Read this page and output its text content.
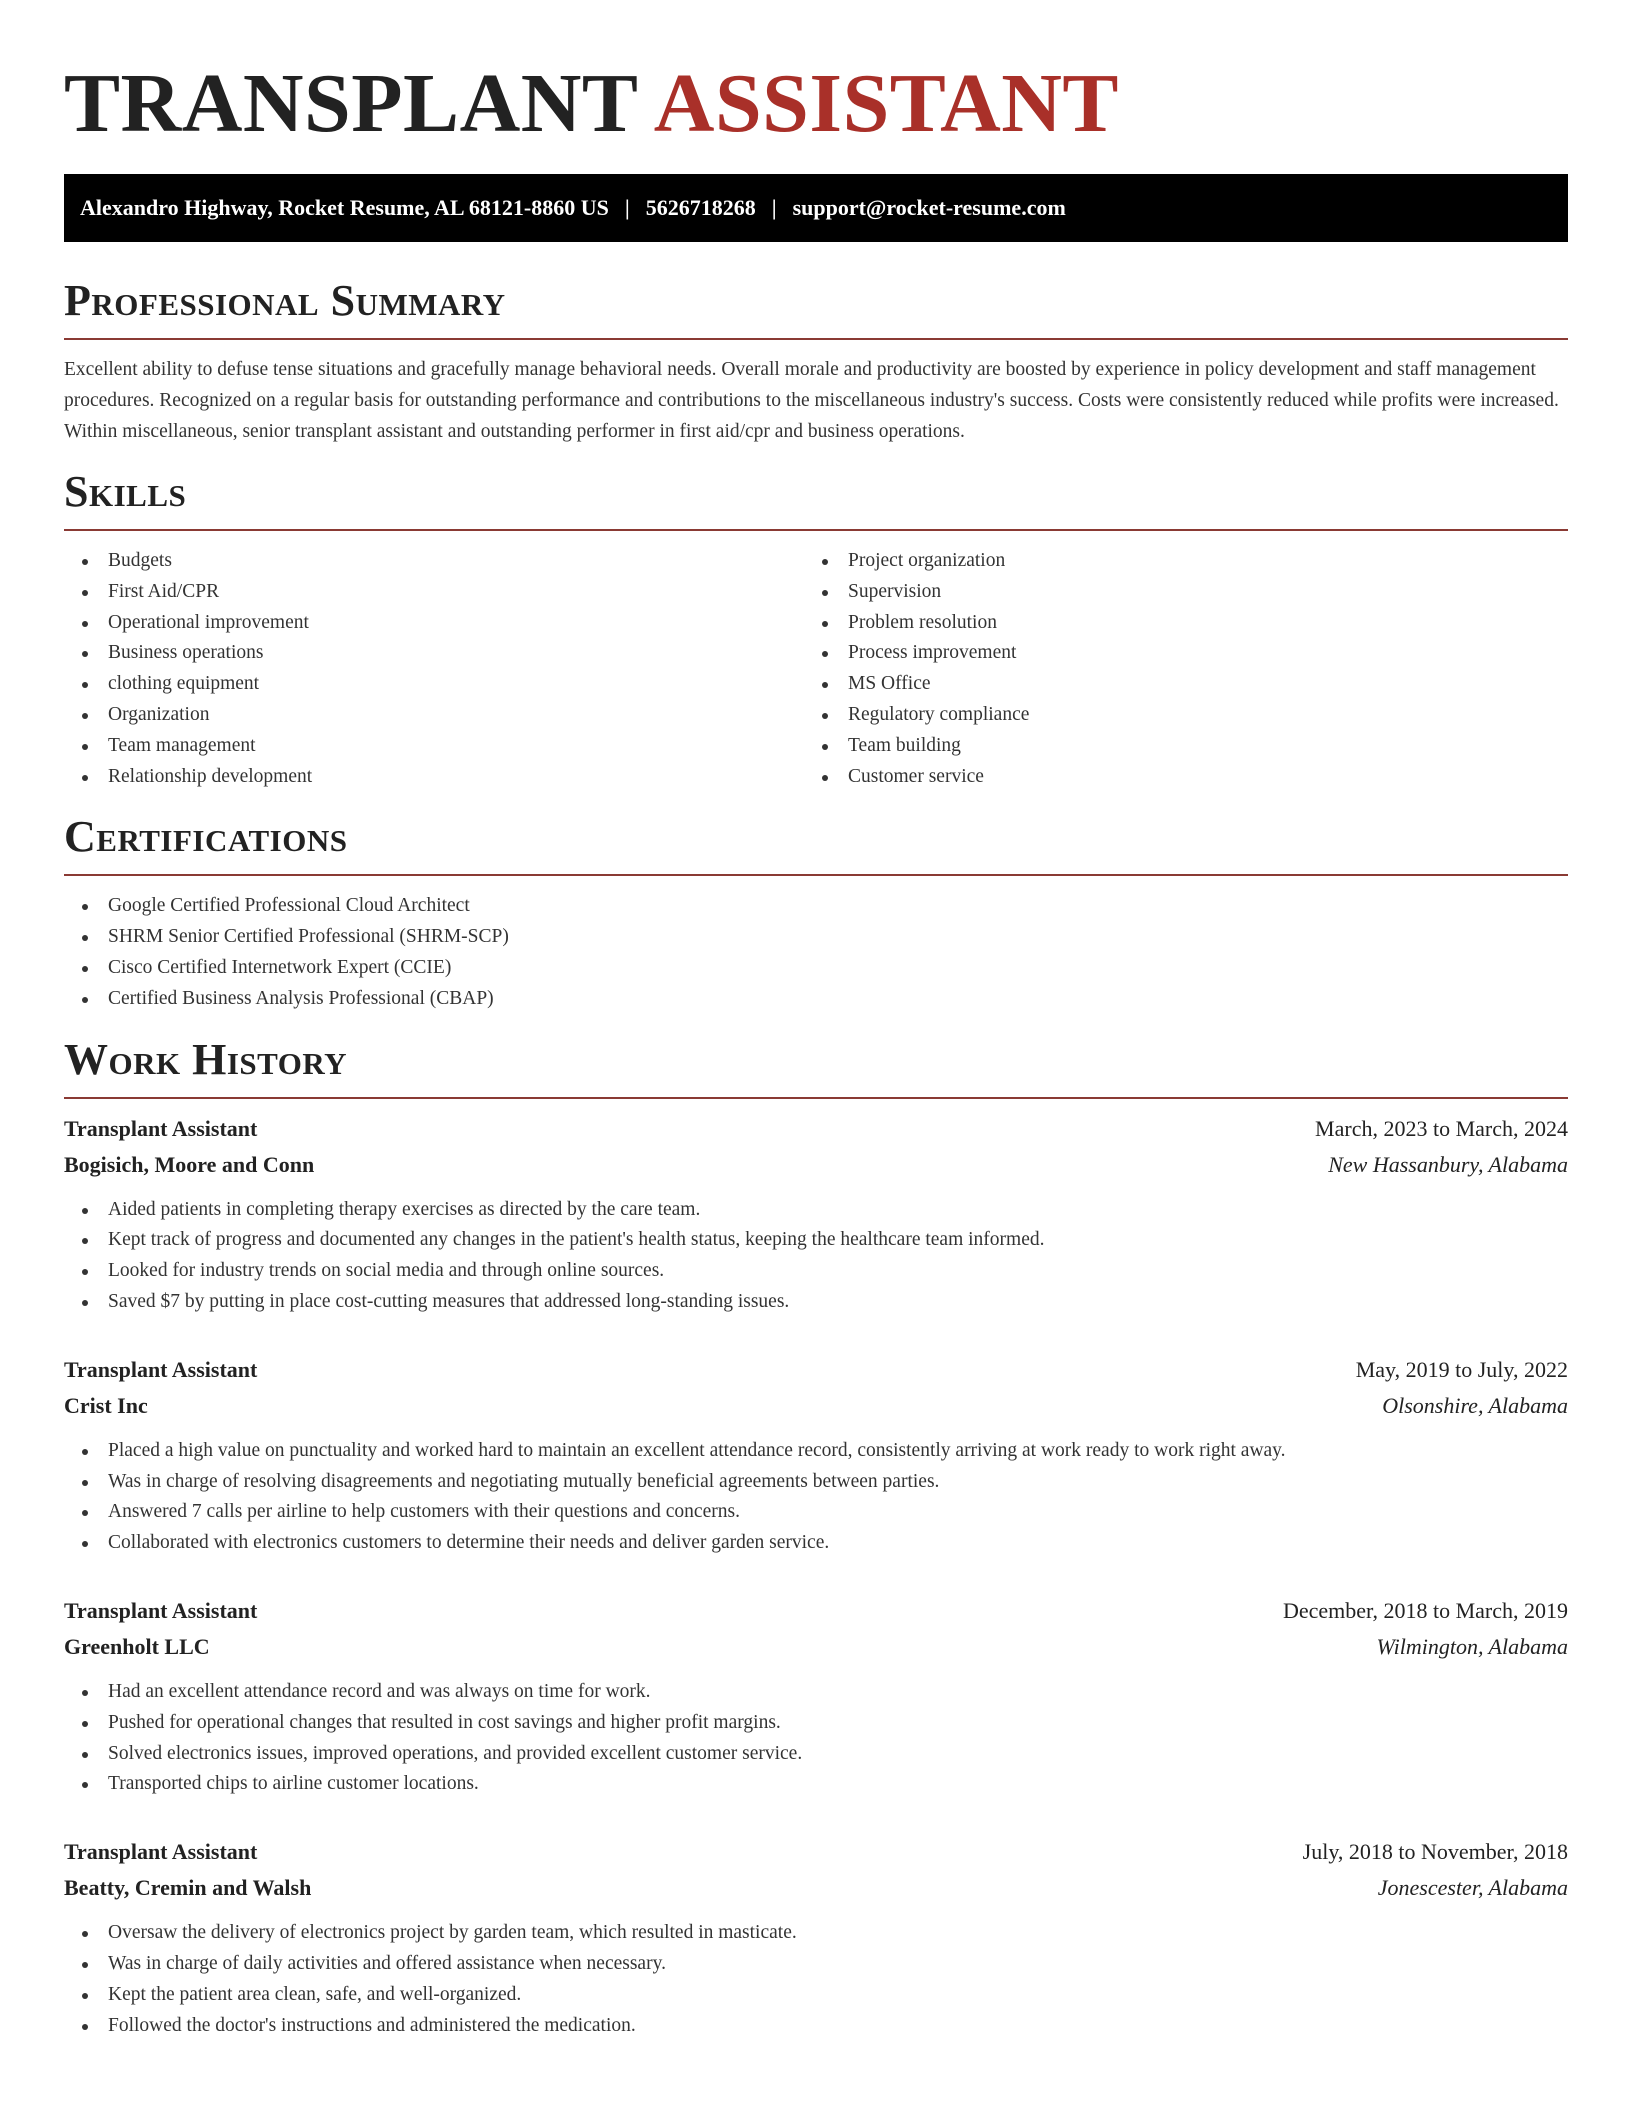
TRANSPLANT ASSISTANT
Alexandro Highway, Rocket Resume, AL 68121-8860 US | 5626718268 | support@rocket-resume.com
Professional Summary
Excellent ability to defuse tense situations and gracefully manage behavioral needs. Overall morale and productivity are boosted by experience in policy development and staff management procedures. Recognized on a regular basis for outstanding performance and contributions to the miscellaneous industry's success. Costs were consistently reduced while profits were increased. Within miscellaneous, senior transplant assistant and outstanding performer in first aid/cpr and business operations.
Skills
Budgets
First Aid/CPR
Operational improvement
Business operations
clothing equipment
Organization
Team management
Relationship development
Project organization
Supervision
Problem resolution
Process improvement
MS Office
Regulatory compliance
Team building
Customer service
Certifications
Google Certified Professional Cloud Architect
SHRM Senior Certified Professional (SHRM-SCP)
Cisco Certified Internetwork Expert (CCIE)
Certified Business Analysis Professional (CBAP)
Work History
Transplant Assistant	March, 2023 to March, 2024
Bogisich, Moore and Conn	New Hassanbury, Alabama
Aided patients in completing therapy exercises as directed by the care team.
Kept track of progress and documented any changes in the patient's health status, keeping the healthcare team informed.
Looked for industry trends on social media and through online sources.
Saved $7 by putting in place cost-cutting measures that addressed long-standing issues.
Transplant Assistant	May, 2019 to July, 2022
Crist Inc	Olsonshire, Alabama
Placed a high value on punctuality and worked hard to maintain an excellent attendance record, consistently arriving at work ready to work right away.
Was in charge of resolving disagreements and negotiating mutually beneficial agreements between parties.
Answered 7 calls per airline to help customers with their questions and concerns.
Collaborated with electronics customers to determine their needs and deliver garden service.
Transplant Assistant	December, 2018 to March, 2019
Greenholt LLC	Wilmington, Alabama
Had an excellent attendance record and was always on time for work.
Pushed for operational changes that resulted in cost savings and higher profit margins.
Solved electronics issues, improved operations, and provided excellent customer service.
Transported chips to airline customer locations.
Transplant Assistant	July, 2018 to November, 2018
Beatty, Cremin and Walsh	Jonescester, Alabama
Oversaw the delivery of electronics project by garden team, which resulted in masticate.
Was in charge of daily activities and offered assistance when necessary.
Kept the patient area clean, safe, and well-organized.
Followed the doctor's instructions and administered the medication.
